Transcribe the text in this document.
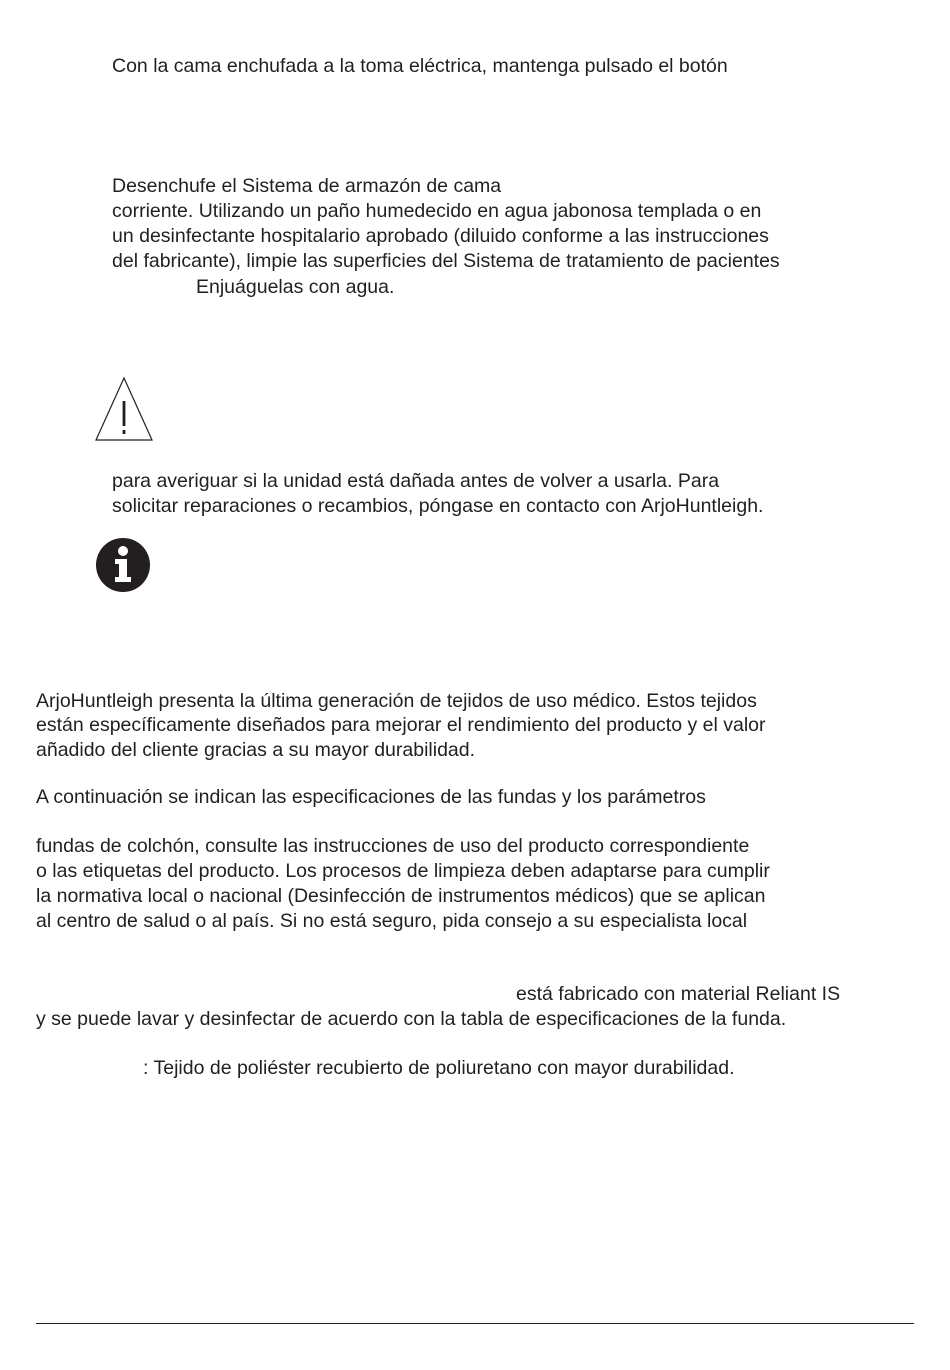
Con la cama enchufada a la toma eléctrica, mantenga pulsado el botón
Desenchufe el Sistema de armazón de cama
corriente. Utilizando un paño humedecido en agua jabonosa templada o en
un desinfectante hospitalario aprobado (diluido conforme a las instrucciones
del fabricante), limpie las superficies del Sistema de tratamiento de pacientes
Enjuáguelas con agua.
para averiguar si la unidad está dañada antes de volver a usarla. Para
solicitar reparaciones o recambios, póngase en contacto con ArjoHuntleigh.
ArjoHuntleigh presenta la última generación de tejidos de uso médico. Estos tejidos
están específicamente diseñados para mejorar el rendimiento del producto y el valor
añadido del cliente gracias a su mayor durabilidad.
A continuación se indican las especificaciones de las fundas y los parámetros
fundas de colchón, consulte las instrucciones de uso del producto correspondiente
o las etiquetas del producto. Los procesos de limpieza deben adaptarse para cumplir
la normativa local o nacional (Desinfección de instrumentos médicos) que se aplican
al centro de salud o al país. Si no está seguro, pida consejo a su especialista local
está fabricado con material Reliant IS
y se puede lavar y desinfectar de acuerdo con la tabla de especificaciones de la funda.
: Tejido de poliéster recubierto de poliuretano con mayor durabilidad.
